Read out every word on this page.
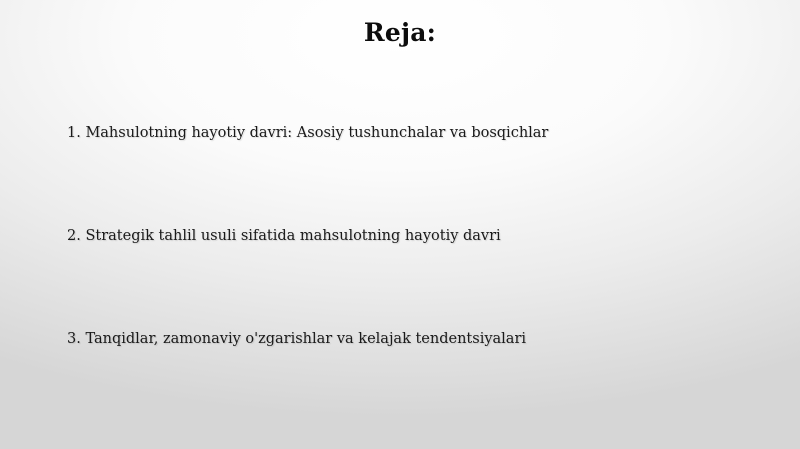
Reja:

1. Mahsulotning hayotiy davri: Asosiy tushunchalar va bosqichlar

2. Strategik tahlil usuli sifatida mahsulotning hayotiy davri

3. Tanqidlar, zamonaviy o'zgarishlar va kelajak tendentsiyalari
